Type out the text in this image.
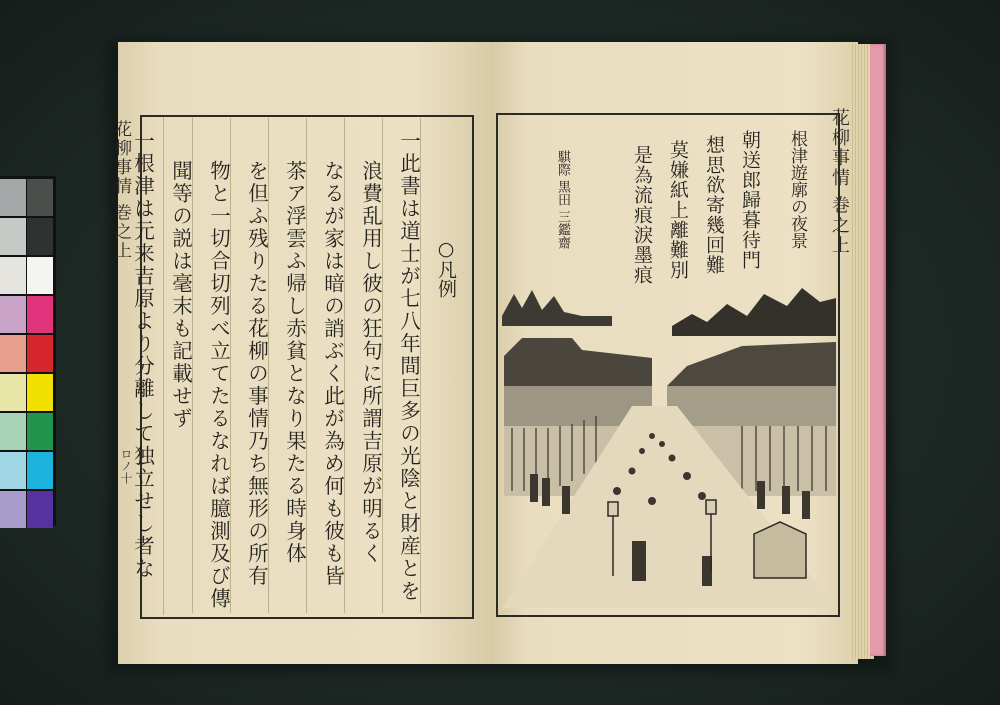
花柳事情 巻之上
ロノ十
○凡例
一此書は道士が七八年間巨多の光陰と財産とを
浪費乱用し彼の狂句に所謂吉原が明るく
なるが家は暗の誚ぶく此が為め何も彼も皆
茶ア浮雲ふ帰し赤貧となり果たる時身体
を但ふ残りたる花柳の事情乃ち無形の所有
物と一切合切列べ立てたるなれば臆測及び傳
聞等の説は毫末も記載せず
一根津は元来吉原より分離して独立せし者な	花柳事情 巻之上
根津遊廓の夜景
朝送郎歸暮待門
想思欲寄幾回難
莫嫌紙上離難別
是為流痕淚墨痕
騏際 黒田 三鑑齋
